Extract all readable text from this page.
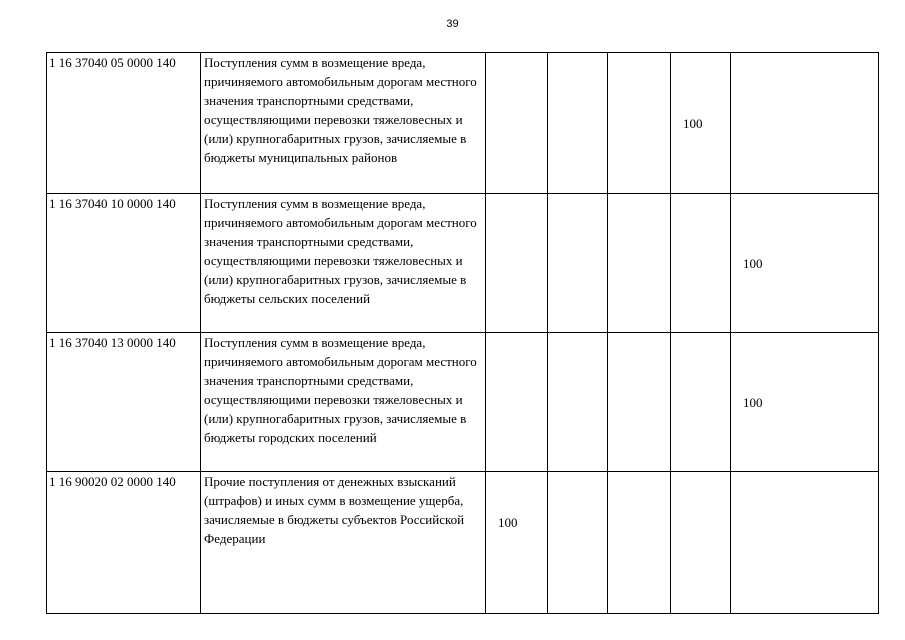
39
1 16 37040 05 0000 140	Поступления сумм в возмещение вреда, причиняемого автомобильным дорогам местного значения транспортными средствами, осуществляющими перевозки тяжеловесных и (или) крупногабаритных грузов, зачисляемые в бюджеты муниципальных районов				100	
1 16 37040 10 0000 140	Поступления сумм в возмещение вреда, причиняемого автомобильным дорогам местного значения транспортными средствами, осуществляющими перевозки тяжеловесных и (или) крупногабаритных грузов, зачисляемые в бюджеты сельских поселений					100
1 16 37040 13 0000 140	Поступления сумм в возмещение вреда, причиняемого автомобильным дорогам местного значения транспортными средствами, осуществляющими перевозки тяжеловесных и (или) крупногабаритных грузов, зачисляемые в бюджеты городских поселений					100
1 16 90020 02 0000 140	Прочие поступления от денежных взысканий (штрафов) и иных сумм в возмещение ущерба, зачисляемые в бюджеты субъектов Российской Федерации	100				
